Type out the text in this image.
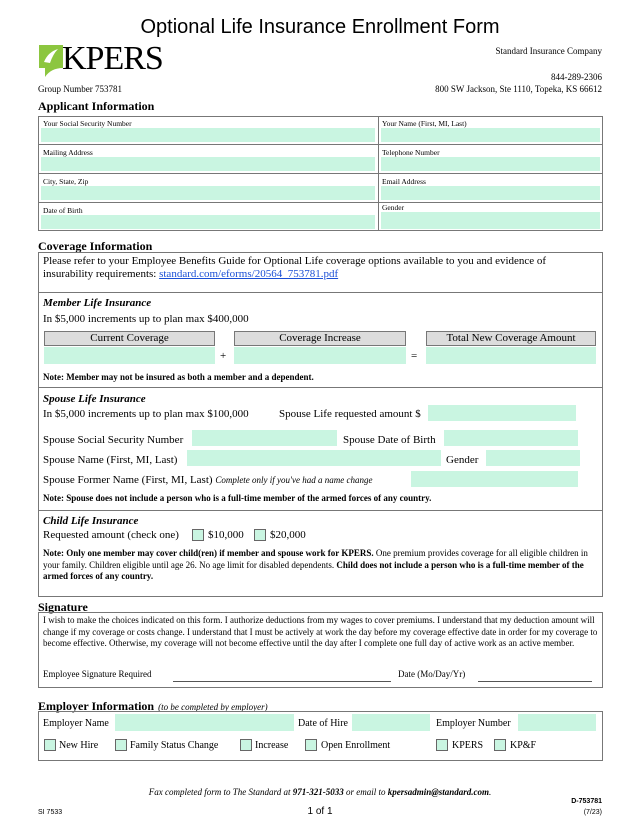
Optional Life Insurance Enrollment Form
KPERS	Standard Insurance Company
844-289-2306
800 SW Jackson, Ste 1110, Topeka, KS 66612
Group Number 753781
Applicant Information
Your Social Security Number	Your Name (First, MI, Last)
Mailing Address	Telephone Number
City, State, Zip	Email Address
Date of Birth	Gender
Coverage Information
Please refer to your Employee Benefits Guide for Optional Life coverage options available to you and evidence of insurability requirements: standard.com/eforms/20564_753781.pdf
Member Life Insurance
In $5,000 increments up to plan max $400,000
Current Coverage	Coverage Increase	Total New Coverage Amount
+	=
Note: Member may not be insured as both a member and a dependent.
Spouse Life Insurance
In $5,000 increments up to plan max $100,000	Spouse Life requested amount $
Spouse Social Security Number	Spouse Date of Birth
Spouse Name (First, MI, Last)	Gender
Spouse Former Name (First, MI, Last) Complete only if you've had a name change
Note: Spouse does not include a person who is a full-time member of the armed forces of any country.
Child Life Insurance
Requested amount (check one)	$10,000 $20,000
Note: Only one member may cover child(ren) if member and spouse work for KPERS. One premium provides coverage for all eligible children in your family. Children eligible until age 26. No age limit for disabled dependents. Child does not include a person who is a full-time member of the armed forces of any country.
Signature
I wish to make the choices indicated on this form. I authorize deductions from my wages to cover premiums. I understand that my deduction amount will change if my coverage or costs change. I understand that I must be actively at work the day before my coverage effective date in order for my coverage to become effective. Otherwise, my coverage will not become effective until the day after I complete one full day of active work as an active member.
Employee Signature Required	Date (Mo/Day/Yr)
Employer Information (to be completed by employer)
Employer Name	Date of Hire	Employer Number
New Hire	Family Status Change	Increase	Open Enrollment	KPERS	KP&F
Fax completed form to The Standard at 971-321-5033 or email to kpersadmin@standard.com.
D-753781
SI 7533	1 of 1	(7/23)
